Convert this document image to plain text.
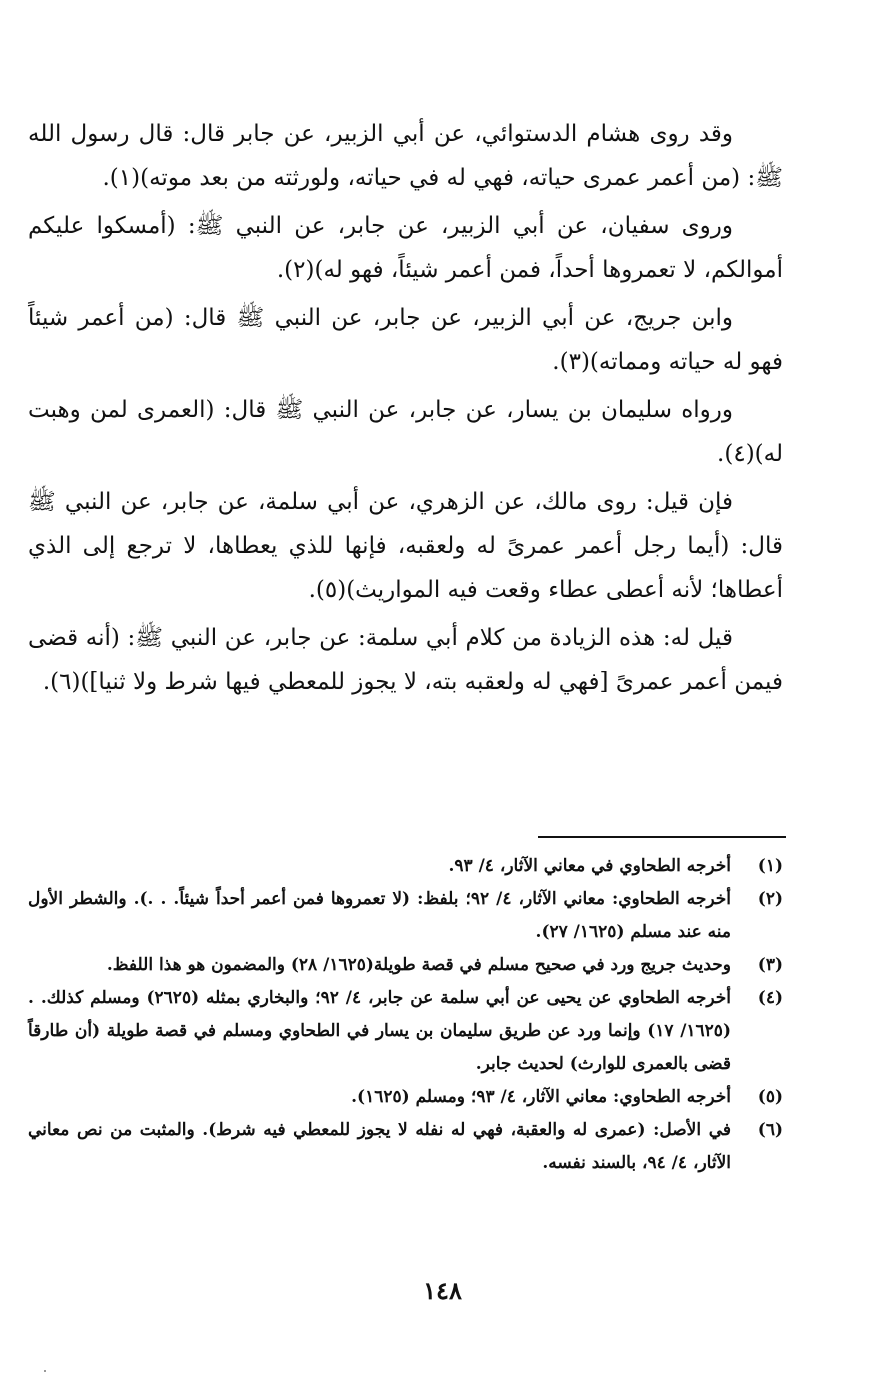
وقد روى هشام الدستوائي، عن أبي الزبير، عن جابر قال: قال رسول الله ﷺ: (من أعمر عمرى حياته، فهي له في حياته، ولورثته من بعد موته)(١).

وروى سفيان، عن أبي الزبير، عن جابر، عن النبي ﷺ: (أمسكوا عليكم أموالكم، لا تعمروها أحداً، فمن أعمر شيئاً، فهو له)(٢).

وابن جريج، عن أبي الزبير، عن جابر، عن النبي ﷺ قال: (من أعمر شيئاً فهو له حياته ومماته)(٣).

ورواه سليمان بن يسار، عن جابر، عن النبي ﷺ قال: (العمرى لمن وهبت له)(٤).

فإن قيل: روى مالك، عن الزهري، عن أبي سلمة، عن جابر، عن النبي ﷺ قال: (أيما رجل أعمر عمرىً له ولعقبه، فإنها للذي يعطاها، لا ترجع إلى الذي أعطاها؛ لأنه أعطى عطاء وقعت فيه المواريث)(٥).

قيل له: هذه الزيادة من كلام أبي سلمة: عن جابر، عن النبي ﷺ: (أنه قضى فيمن أعمر عمرىً [فهي له ولعقبه بته، لا يجوز للمعطي فيها شرط ولا ثنيا])(٦).

(١)
أخرجه الطحاوي في معاني الآثار، ٤/ ٩٣.
(٢)
أخرجه الطحاوي: معاني الآثار، ٤/ ٩٢؛ بلفظ: (لا تعمروها فمن أعمر أحداً شيئاً. . .). والشطر الأول منه عند مسلم (١٦٢٥/ ٢٧).
(٣)
وحديث جريج ورد في صحيح مسلم في قصة طويلة(١٦٢٥/ ٢٨) والمضمون هو هذا اللفظ.
(٤)
أخرجه الطحاوي عن يحيى عن أبي سلمة عن جابر، ٤/ ٩٢؛ والبخاري بمثله (٢٦٢٥) ومسلم كذلك. . (١٦٢٥/ ١٧) وإنما ورد عن طريق سليمان بن يسار في الطحاوي ومسلم في قصة طويلة (أن طارقاً قضى بالعمرى للوارث) لحديث جابر.
(٥)
أخرجه الطحاوي: معاني الآثار، ٤/ ٩٣؛ ومسلم (١٦٢٥).
(٦)
في الأصل: (عمرى له والعقبة، فهي له نفله لا يجوز للمعطي فيه شرط). والمثبت من نص معاني الآثار، ٤/ ٩٤، بالسند نفسه.
١٤٨
